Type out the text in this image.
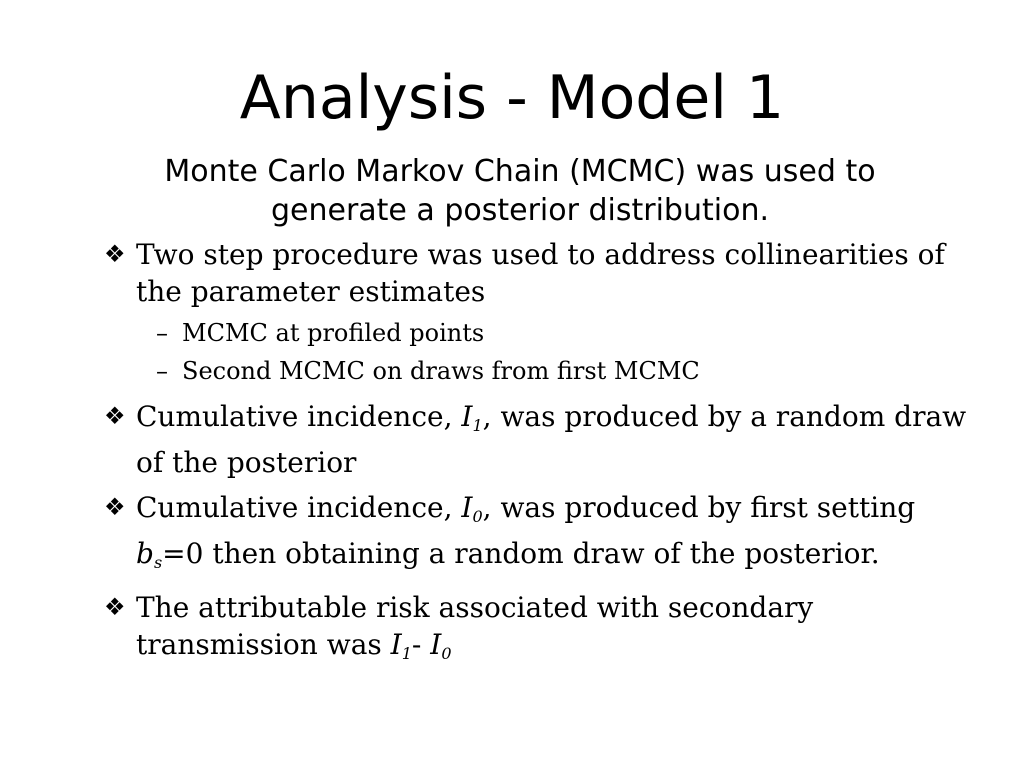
Analysis - Model 1

Monte Carlo Markov Chain (MCMC) was used to generate a posterior distribution.

❖ Two step procedure was used to address collinearities of the parameter estimates
– MCMC at profiled points
– Second MCMC on draws from first MCMC
❖ Cumulative incidence, $I_1$, was produced by a random draw of the posterior
❖ Cumulative incidence, $I_0$, was produced by first setting $b_s=0$ then obtaining a random draw of the posterior.
❖ The attributable risk associated with secondary transmission was $I_1-$ $I_0$
